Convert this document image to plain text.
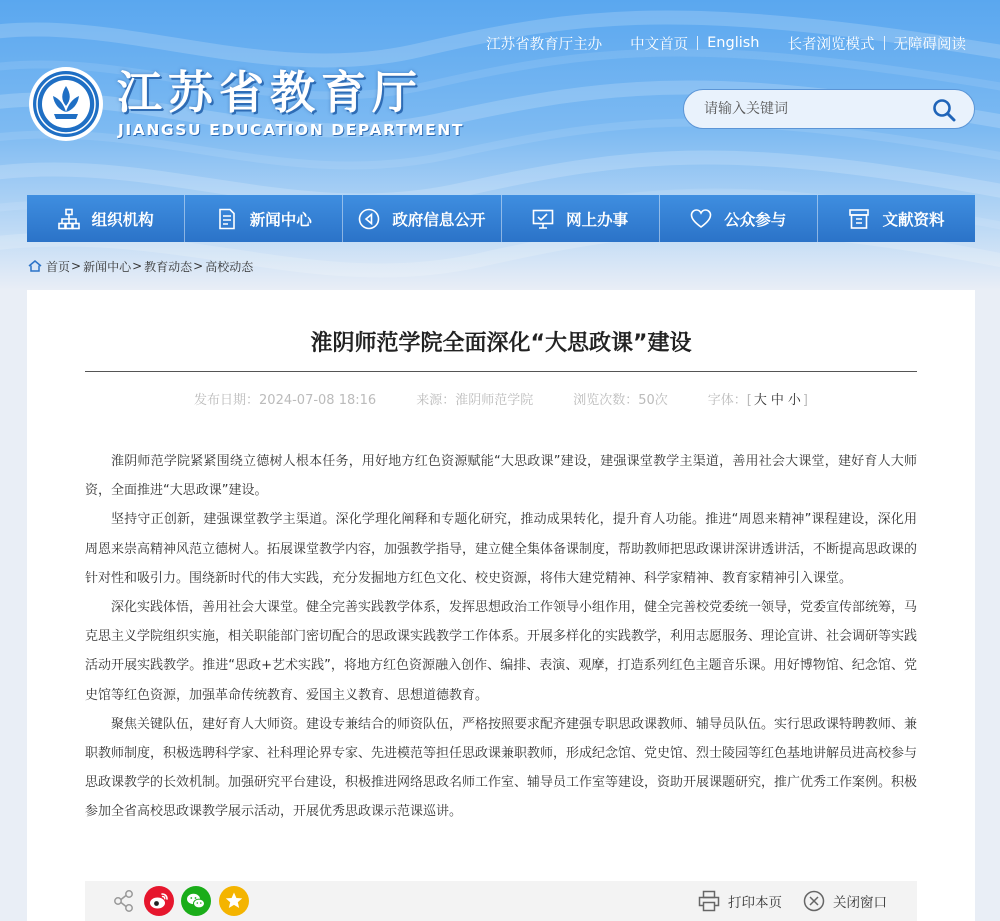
江苏省教育厅主办 中文首页 English 长者浏览模式 无障碍阅读
江苏省教育厅
JIANGSU EDUCATION DEPARTMENT
请输入关键词
组织机构	新闻中心	政府信息公开	网上办事	公众参与	文献资料
首页 > 新闻中心 > 教育动态 > 高校动态
淮阴师范学院全面深化“大思政课”建设
发布日期：2024-07-08 18:16	来源：淮阴师范学院	浏览次数：50次	字体：[ 大 中 小 ]

淮阴师范学院紧紧围绕立德树人根本任务，用好地方红色资源赋能“大思政课”建设，建强课堂教学主渠道，善用社会大课堂，建好育人大师资，全面推进“大思政课”建设。

坚持守正创新，建强课堂教学主渠道。深化学理化阐释和专题化研究，推动成果转化，提升育人功能。推进“周恩来精神”课程建设，深化用周恩来崇高精神风范立德树人。拓展课堂教学内容，加强教学指导，建立健全集体备课制度，帮助教师把思政课讲深讲透讲活，不断提高思政课的针对性和吸引力。围绕新时代的伟大实践，充分发掘地方红色文化、校史资源，将伟大建党精神、科学家精神、教育家精神引入课堂。

深化实践体悟，善用社会大课堂。健全完善实践教学体系，发挥思想政治工作领导小组作用，健全完善校党委统一领导，党委宣传部统筹，马克思主义学院组织实施，相关职能部门密切配合的思政课实践教学工作体系。开展多样化的实践教学，利用志愿服务、理论宣讲、社会调研等实践活动开展实践教学。推进“思政+艺术实践”，将地方红色资源融入创作、编排、表演、观摩，打造系列红色主题音乐课。用好博物馆、纪念馆、党史馆等红色资源，加强革命传统教育、爱国主义教育、思想道德教育。

聚焦关键队伍，建好育人大师资。建设专兼结合的师资队伍，严格按照要求配齐建强专职思政课教师、辅导员队伍。实行思政课特聘教师、兼职教师制度，积极选聘科学家、社科理论界专家、先进模范等担任思政课兼职教师，形成纪念馆、党史馆、烈士陵园等红色基地讲解员进高校参与思政课教学的长效机制。加强研究平台建设，积极推进网络思政名师工作室、辅导员工作室等建设，资助开展课题研究，推广优秀工作案例。积极参加全省高校思政课教学展示活动，开展优秀思政课示范课巡讲。

打印本页	关闭窗口
